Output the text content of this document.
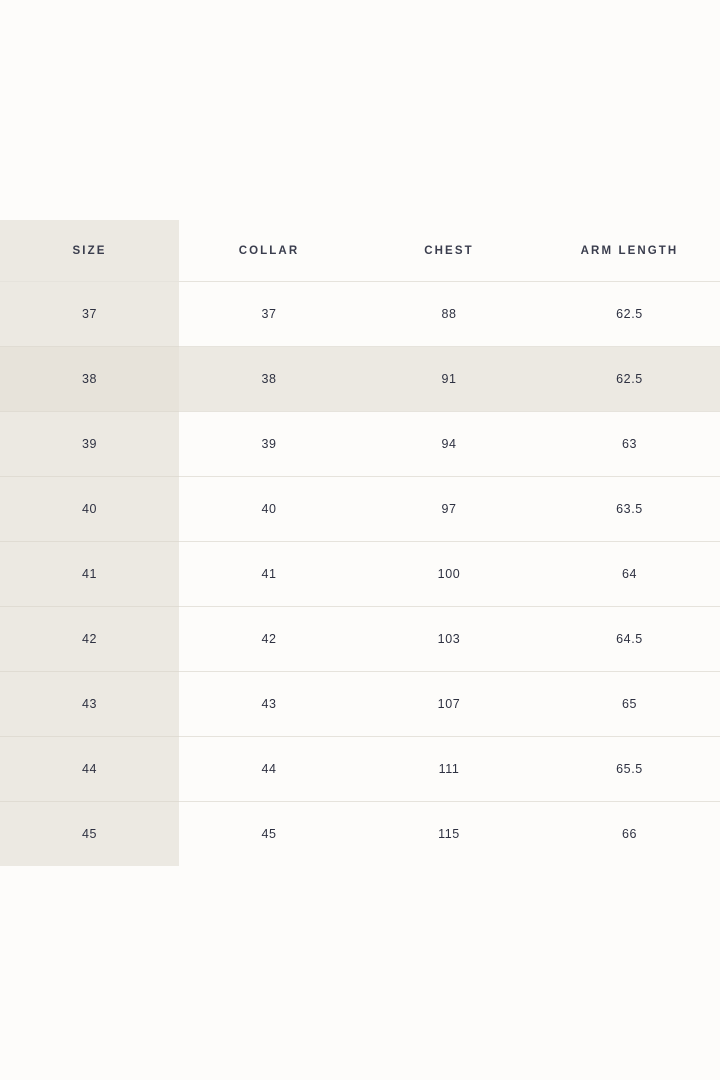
SIZE	COLLAR	CHEST	ARM LENGTH
37	37	88	62.5
38	38	91	62.5
39	39	94	63
40	40	97	63.5
41	41	100	64
42	42	103	64.5
43	43	107	65
44	44	111	65.5
45	45	115	66
